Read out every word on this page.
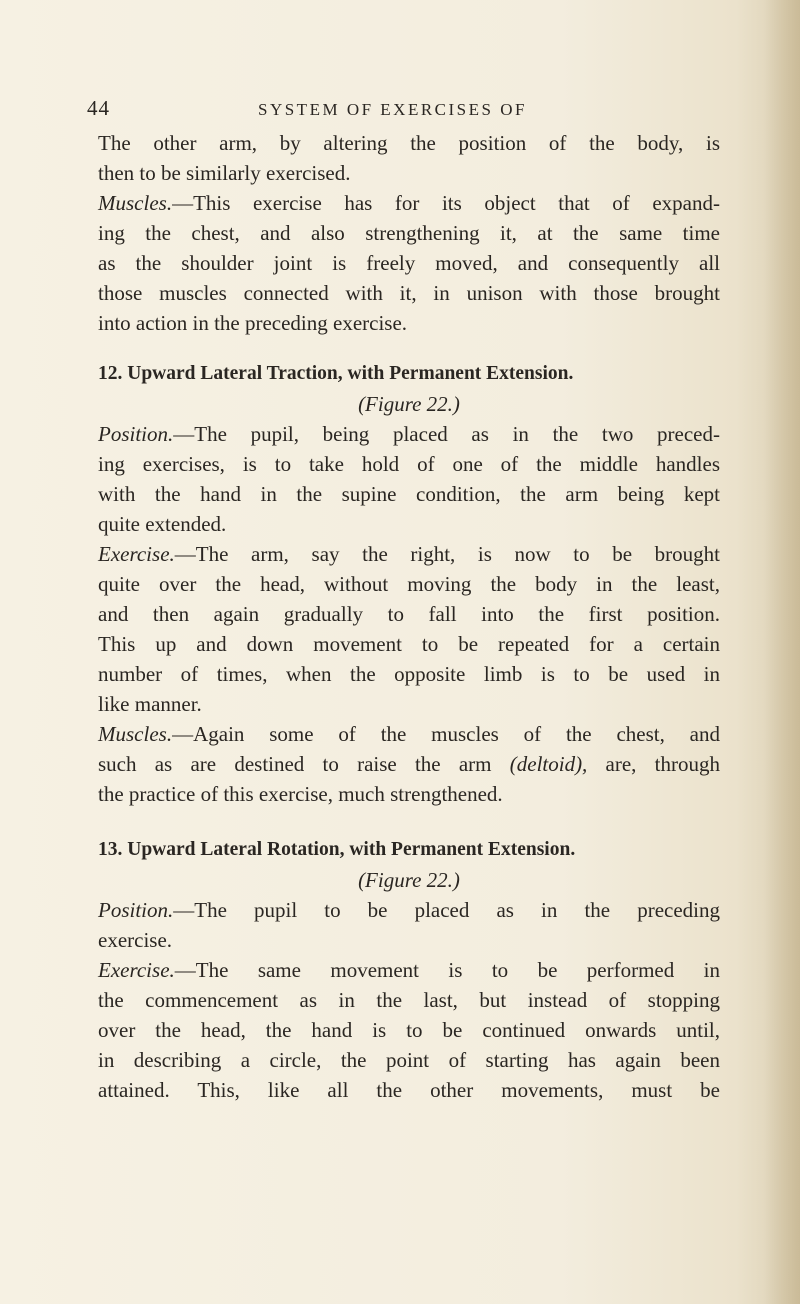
44	SYSTEM OF EXERCISES OF
The other arm, by altering the position of the body, is
then to be similarly exercised.
Muscles.—This exercise has for its object that of expand-
ing the chest, and also strengthening it, at the same time
as the shoulder joint is freely moved, and consequently all
those muscles connected with it, in unison with those brought
into action in the preceding exercise.
12. Upward Lateral Traction, with Permanent Extension.
(Figure 22.)
Position.—The pupil, being placed as in the two preced-
ing exercises, is to take hold of one of the middle handles
with the hand in the supine condition, the arm being kept
quite extended.
Exercise.—The arm, say the right, is now to be brought
quite over the head, without moving the body in the least,
and then again gradually to fall into the first position.
This up and down movement to be repeated for a certain
number of times, when the opposite limb is to be used in
like manner.
Muscles.—Again some of the muscles of the chest, and
such as are destined to raise the arm (deltoid), are, through
the practice of this exercise, much strengthened.
13. Upward Lateral Rotation, with Permanent Extension.
(Figure 22.)
Position.—The pupil to be placed as in the preceding
exercise.
Exercise.—The same movement is to be performed in
the commencement as in the last, but instead of stopping
over the head, the hand is to be continued onwards until,
in describing a circle, the point of starting has again been
attained. This, like all the other movements, must be
